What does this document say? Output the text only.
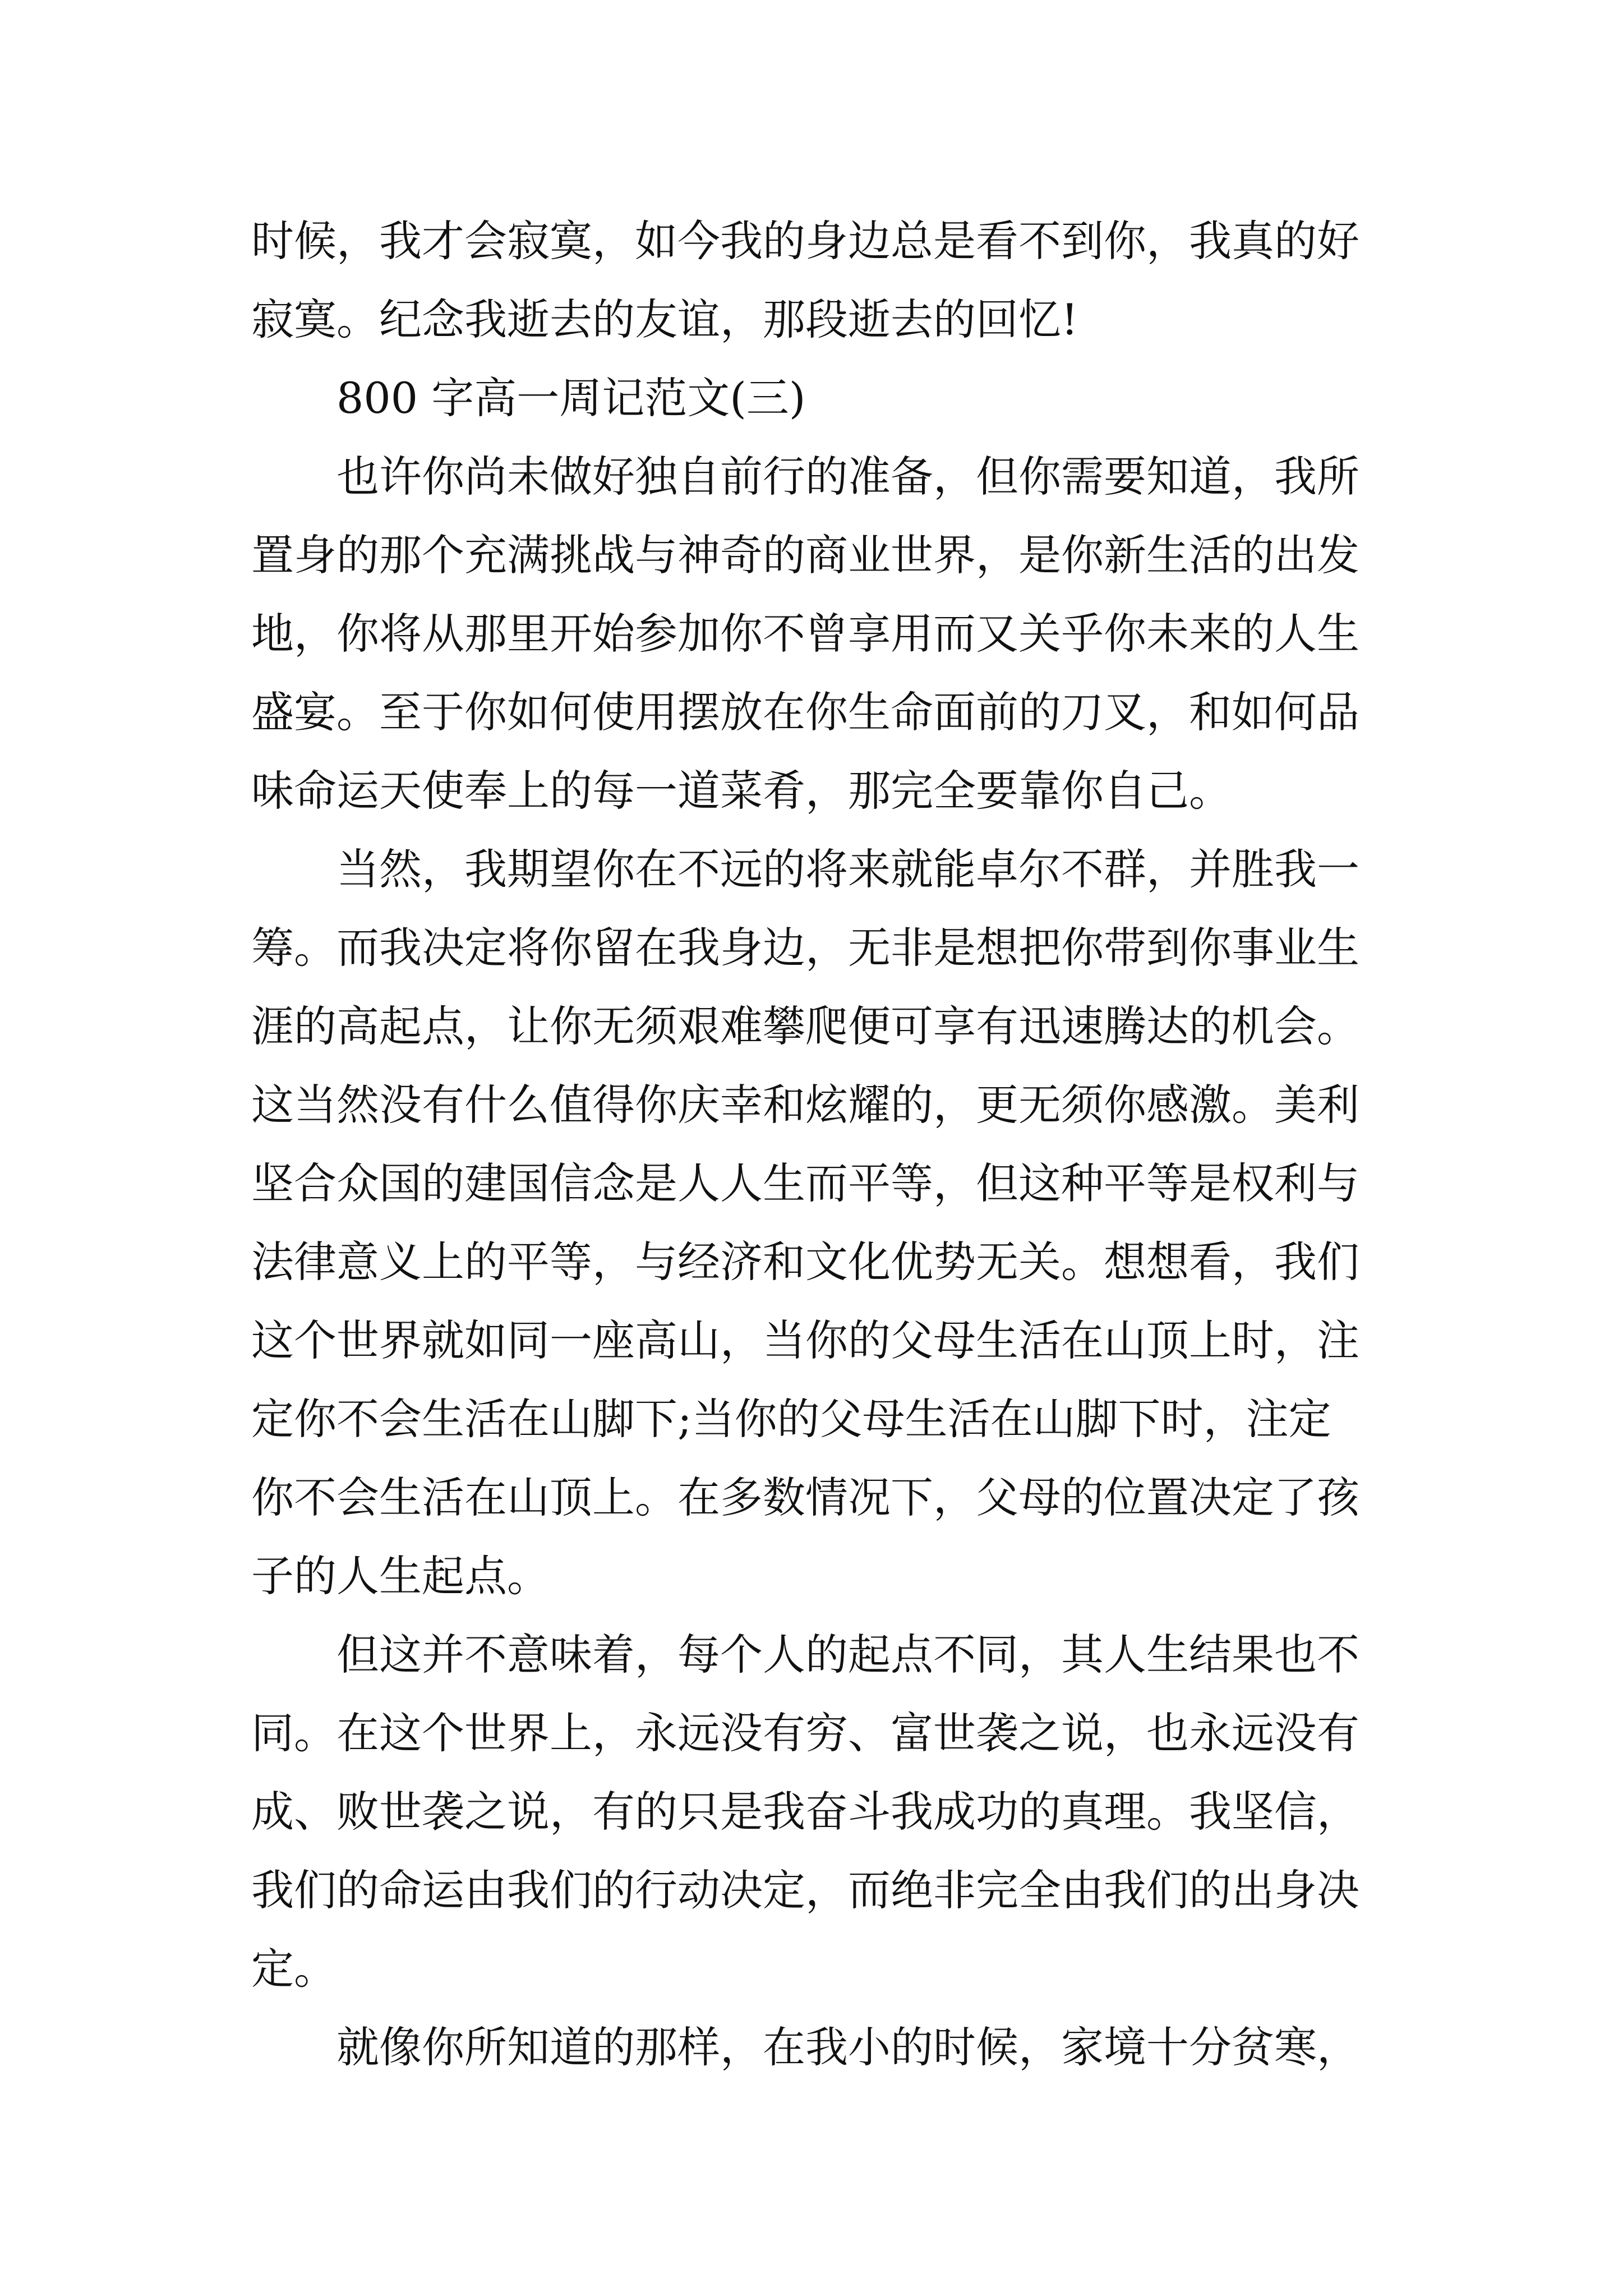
时候，我才会寂寞，如今我的身边总是看不到你，我真的好

寂寞。纪念我逝去的友谊，那段逝去的回忆!

800 字高一周记范文(三)

也许你尚未做好独自前行的准备，但你需要知道，我所

置身的那个充满挑战与神奇的商业世界，是你新生活的出发

地，你将从那里开始参加你不曾享用而又关乎你未来的人生

盛宴。至于你如何使用摆放在你生命面前的刀叉，和如何品

味命运天使奉上的每一道菜肴，那完全要靠你自己。

当然，我期望你在不远的将来就能卓尔不群，并胜我一

筹。而我决定将你留在我身边，无非是想把你带到你事业生

涯的高起点，让你无须艰难攀爬便可享有迅速腾达的机会。

这当然没有什么值得你庆幸和炫耀的，更无须你感激。美利

坚合众国的建国信念是人人生而平等，但这种平等是权利与

法律意义上的平等，与经济和文化优势无关。想想看，我们

这个世界就如同一座高山，当你的父母生活在山顶上时，注

定你不会生活在山脚下;当你的父母生活在山脚下时，注定

你不会生活在山顶上。在多数情况下，父母的位置决定了孩

子的人生起点。

但这并不意味着，每个人的起点不同，其人生结果也不

同。在这个世界上，永远没有穷、富世袭之说，也永远没有

成、败世袭之说，有的只是我奋斗我成功的真理。我坚信，

我们的命运由我们的行动决定，而绝非完全由我们的出身决

定。

就像你所知道的那样，在我小的时候，家境十分贫寒，
